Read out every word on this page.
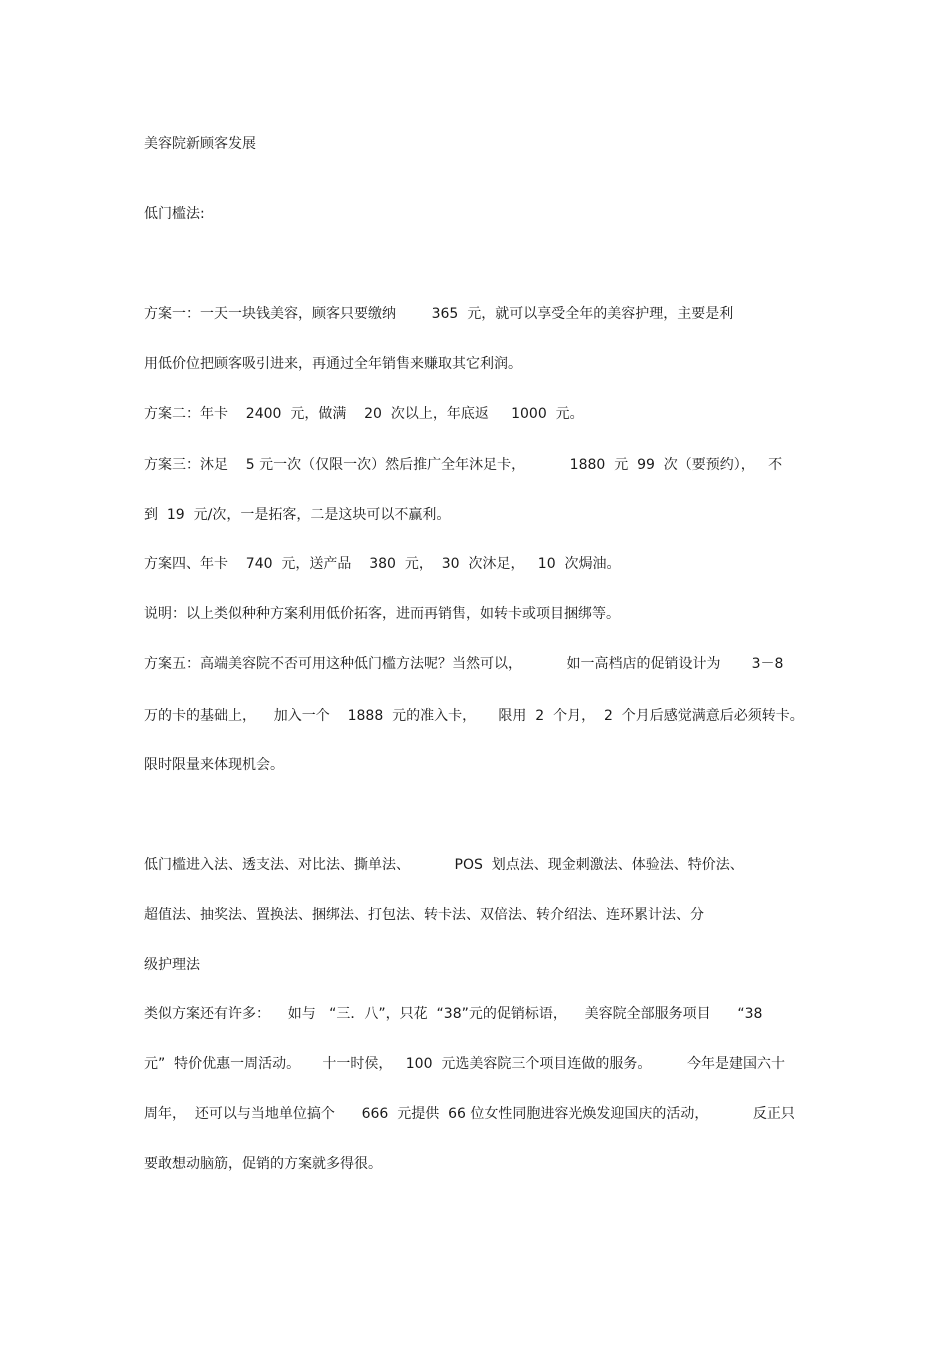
美容院新顾客发展
低门槛法:
方案一：一天一块钱美容，顾客只要缴纳        365  元，就可以享受全年的美容护理，主要是利
用低价位把顾客吸引进来，再通过全年销售来赚取其它利润。
方案二：年卡    2400  元，做满    20  次以上，年底返     1000  元。
方案三：沐足    5 元一次（仅限一次）然后推广全年沐足卡，          1880  元  99  次（要预约），   不
到  19  元/次，一是拓客，二是这块可以不赢利。
方案四、年卡    740  元，送产品    380  元，  30  次沐足，   10  次焗油。
说明：以上类似种种方案利用低价拓客，进而再销售，如转卡或项目捆绑等。
方案五：高端美容院不否可用这种低门槛方法呢？当然可以，          如一高档店的促销设计为       3－8
万的卡的基础上，    加入一个    1888  元的准入卡，     限用  2  个月，  2  个月后感觉满意后必须转卡。
限时限量来体现机会。
低门槛进入法、透支法、对比法、撕单法、          POS  划点法、现金刺激法、体验法、特价法、
超值法、抽奖法、置换法、捆绑法、打包法、转卡法、双倍法、转介绍法、连环累计法、分
级护理法
类似方案还有许多：    如与   “三．八”，只花  “38”元的促销标语，    美容院全部服务项目      “38
元”  特价优惠一周活动。     十一时侯，   100  元选美容院三个项目连做的服务。        今年是建国六十
周年，  还可以与当地单位搞个      666  元提供  66 位女性同胞进容光焕发迎国庆的活动，          反正只
要敢想动脑筋，促销的方案就多得很。
